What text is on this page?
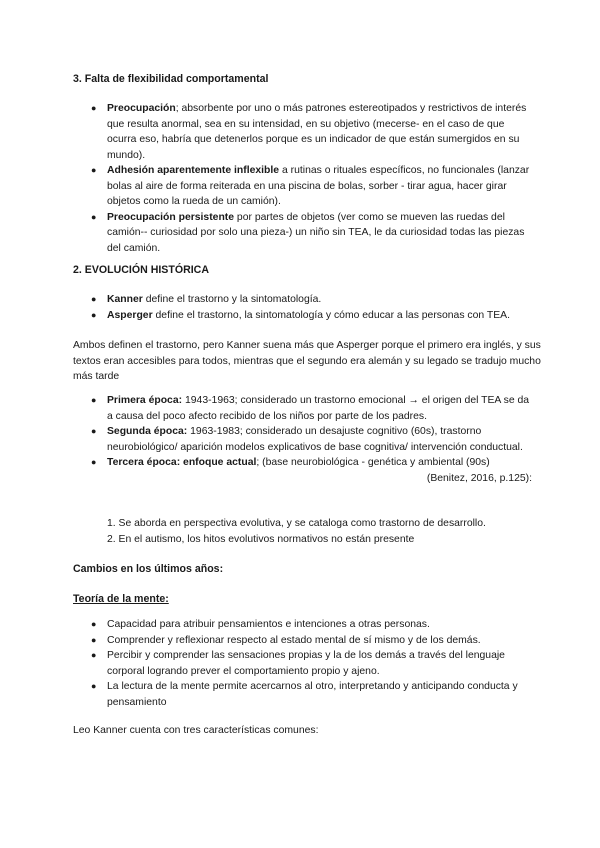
3. Falta de flexibilidad comportamental
● Preocupación; absorbente por uno o más patrones estereotipados y restrictivos de interés que resulta anormal, sea en su intensidad, en su objetivo (mecerse- en el caso de que ocurra eso, habría que detenerlos porque es un indicador de que están sumergidos en su mundo).
● Adhesión aparentemente inflexible a rutinas o rituales específicos, no funcionales (lanzar bolas al aire de forma reiterada en una piscina de bolas, sorber - tirar agua, hacer girar objetos como la rueda de un camión).
● Preocupación persistente por partes de objetos (ver como se mueven las ruedas del camión-- curiosidad por solo una pieza-) un niño sin TEA, le da curiosidad todas las piezas del camión.
2. EVOLUCIÓN HISTÓRICA
● Kanner define el trastorno y la sintomatología.
● Asperger define el trastorno, la sintomatología y cómo educar a las personas con TEA.

Ambos definen el trastorno, pero Kanner suena más que Asperger porque el primero era inglés, y sus textos eran accesibles para todos, mientras que el segundo era alemán y su legado se tradujo mucho más tarde

● Primera época: 1943-1963; considerado un trastorno emocional → el origen del TEA se da a causa del poco afecto recibido de los niños por parte de los padres.
● Segunda época: 1963-1983; considerado un desajuste cognitivo (60s), trastorno neurobiológico/ aparición modelos explicativos de base cognitiva/ intervención conductual.
● Tercera época: enfoque actual; (base neurobiológica - genética y ambiental (90s)
(Benitez, 2016, p.125):
1. Se aborda en perspectiva evolutiva, y se cataloga como trastorno de desarrollo.
2. En el autismo, los hitos evolutivos normativos no están presente
Cambios en los últimos años:
Teoría de la mente:
● Capacidad para atribuir pensamientos e intenciones a otras personas.
● Comprender y reflexionar respecto al estado mental de sí mismo y de los demás.
● Percibir y comprender las sensaciones propias y la de los demás a través del lenguaje corporal logrando prever el comportamiento propio y ajeno.
● La lectura de la mente permite acercarnos al otro, interpretando y anticipando conducta y pensamiento

Leo Kanner cuenta con tres características comunes:
